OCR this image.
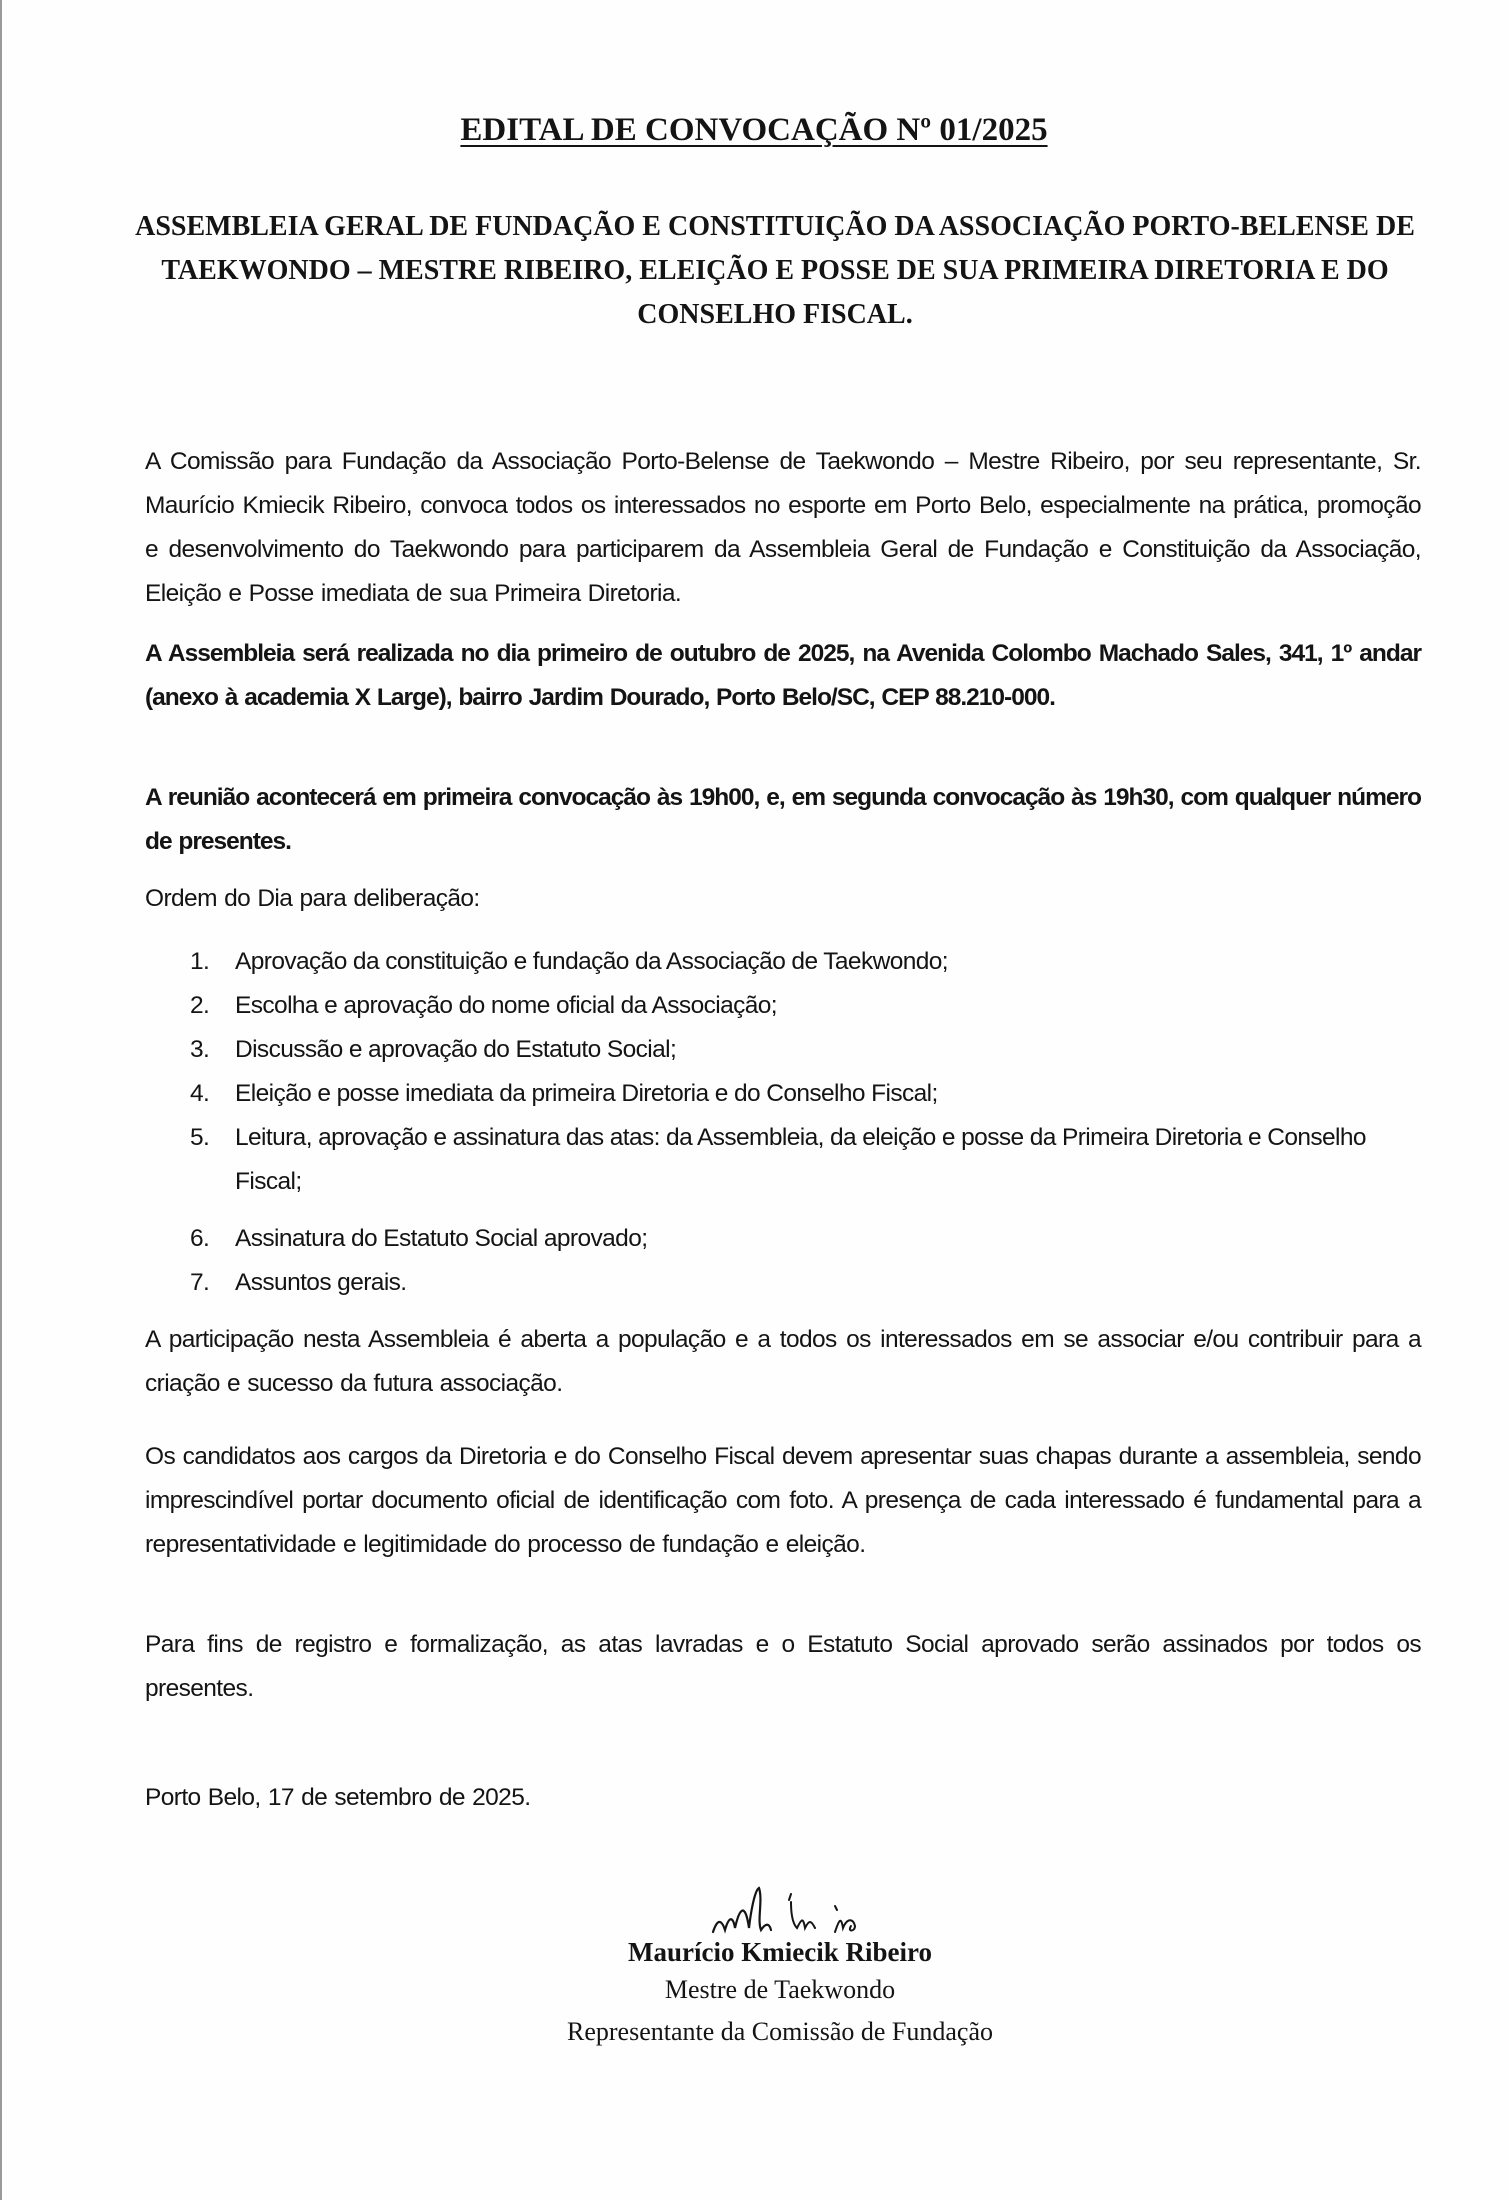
EDITAL DE CONVOCAÇÃO Nº 01/2025
ASSEMBLEIA GERAL DE FUNDAÇÃO E CONSTITUIÇÃO DA ASSOCIAÇÃO PORTO-BELENSE DE TAEKWONDO – MESTRE RIBEIRO, ELEIÇÃO E POSSE DE SUA PRIMEIRA DIRETORIA E DO CONSELHO FISCAL.

A Comissão para Fundação da Associação Porto-Belense de Taekwondo – Mestre Ribeiro, por seu representante, Sr. Maurício Kmiecik Ribeiro, convoca todos os interessados no esporte em Porto Belo, especialmente na prática, promoção e desenvolvimento do Taekwondo para participarem da Assembleia Geral de Fundação e Constituição da Associação, Eleição e Posse imediata de sua Primeira Diretoria.

A Assembleia será realizada no dia primeiro de outubro de 2025, na Avenida Colombo Machado Sales, 341, 1º andar (anexo à academia X Large), bairro Jardim Dourado, Porto Belo/SC, CEP 88.210-000.

A reunião acontecerá em primeira convocação às 19h00, e, em segunda convocação às 19h30, com qualquer número de presentes.

Ordem do Dia para deliberação:

1. Aprovação da constituição e fundação da Associação de Taekwondo;
2. Escolha e aprovação do nome oficial da Associação;
3. Discussão e aprovação do Estatuto Social;
4. Eleição e posse imediata da primeira Diretoria e do Conselho Fiscal;
5. Leitura, aprovação e assinatura das atas: da Assembleia, da eleição e posse da Primeira Diretoria e Conselho Fiscal;
6. Assinatura do Estatuto Social aprovado;
7. Assuntos gerais.

A participação nesta Assembleia é aberta a população e a todos os interessados em se associar e/ou contribuir para a criação e sucesso da futura associação.

Os candidatos aos cargos da Diretoria e do Conselho Fiscal devem apresentar suas chapas durante a assembleia, sendo imprescindível portar documento oficial de identificação com foto. A presença de cada interessado é fundamental para a representatividade e legitimidade do processo de fundação e eleição.

Para fins de registro e formalização, as atas lavradas e o Estatuto Social aprovado serão assinados por todos os presentes.

Porto Belo, 17 de setembro de 2025.

Maurício Kmiecik Ribeiro
Mestre de Taekwondo
Representante da Comissão de Fundação
